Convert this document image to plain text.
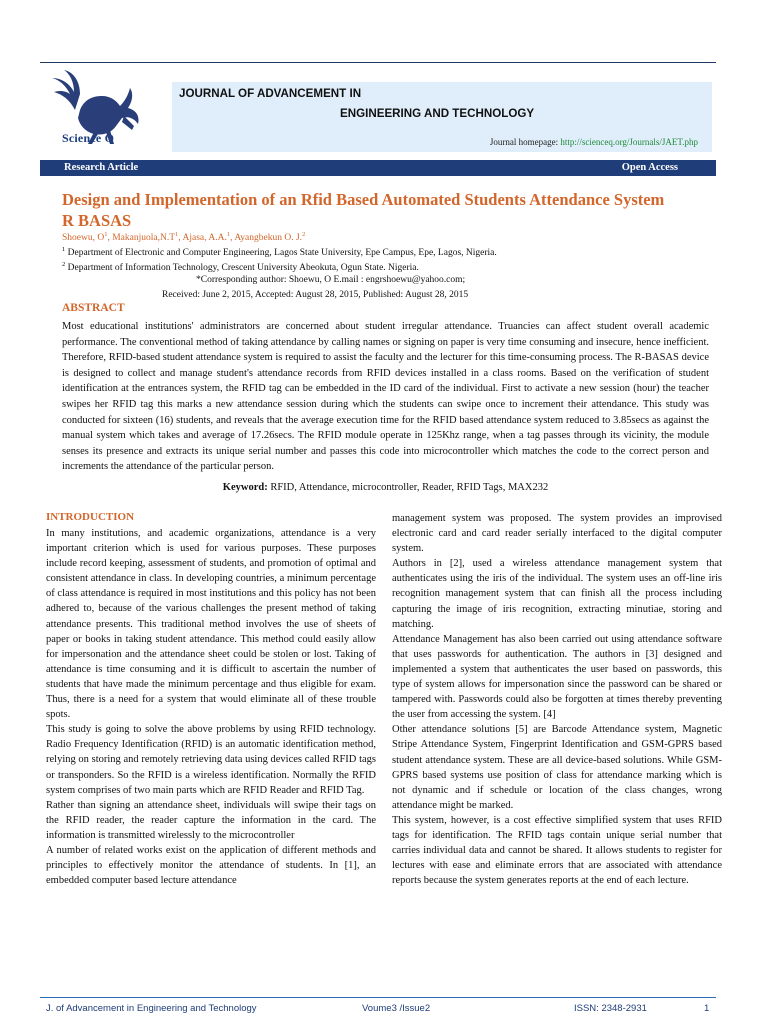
Science Q
JOURNAL OF ADVANCEMENT IN
ENGINEERING AND TECHNOLOGY
Journal homepage: http://scienceq.org/Journals/JAET.php
Research Article	Open Access
Design and Implementation of an Rfid Based Automated Students Attendance System
R BASAS
Shoewu, $O^1$, $Makanjuola,N.T^1$, Ajasa, A.A.$^1$, Ayangbekun O. J.$^2$
$^1$ Department of Electronic and Computer Engineering, Lagos State University, Epe Campus, Epe, Lagos, Nigeria.
$^2$ Department of Information Technology, Crescent University Abeokuta, Ogun State. Nigeria.
*Corresponding author: Shoewu, O E.mail : engrshoewu@yahoo.com;
Received: June 2, 2015, Accepted: August 28, 2015, Published: August 28, 2015
ABSTRACT
Most educational institutions' administrators are concerned about student irregular attendance. Truancies can affect student overall academic performance. The conventional method of taking attendance by calling names or signing on paper is very time consuming and insecure, hence inefficient. Therefore, RFID-based student attendance system is required to assist the faculty and the lecturer for this time-consuming process. The R-BASAS device is designed to collect and manage student's attendance records from RFID devices installed in a class rooms. Based on the verification of student identification at the entrances system, the RFID tag can be embedded in the ID card of the individual. First to activate a new session (hour) the teacher swipes her RFID tag this marks a new attendance session during which the students can swipe once to increment their attendance. This study was conducted for sixteen (16) students, and reveals that the average execution time for the RFID based attendance system reduced to 3.85secs as against the manual system which takes and average of 17.26secs. The RFID module operate in 125Khz range, when a tag passes through its vicinity, the module senses its presence and extracts its unique serial number and passes this code into microcontroller which matches the code to the correct person and increments the attendance of the particular person.
Keyword: RFID, Attendance, microcontroller, Reader, RFID Tags, MAX232
INTRODUCTION

In many institutions, and academic organizations, attendance is a very important criterion which is used for various purposes. These purposes include record keeping, assessment of students, and promotion of optimal and consistent attendance in class. In developing countries, a minimum percentage of class attendance is required in most institutions and this policy has not been adhered to, because of the various challenges the present method of taking attendance presents. This traditional method involves the use of sheets of paper or books in taking student attendance. This method could easily allow for impersonation and the attendance sheet could be stolen or lost. Taking of attendance is time consuming and it is difficult to ascertain the number of students that have made the minimum percentage and thus eligible for exam. Thus, there is a need for a system that would eliminate all of these trouble spots.

This study is going to solve the above problems by using RFID technology. Radio Frequency Identification (RFID) is an automatic identification method, relying on storing and remotely retrieving data using devices called RFID tags or transponders. So the RFID is a wireless identification. Normally the RFID system comprises of two main parts which are RFID Reader and RFID Tag.

Rather than signing an attendance sheet, individuals will swipe their tags on the RFID reader, the reader capture the information in the card. The information is transmitted wirelessly to the microcontroller

A number of related works exist on the application of different methods and principles to effectively monitor the attendance of students. In [1], an embedded computer based lecture attendance

management system was proposed. The system provides an improvised electronic card and card reader serially interfaced to the digital computer system.

Authors in [2], used a wireless attendance management system that authenticates using the iris of the individual. The system uses an off-line iris recognition management system that can finish all the process including capturing the image of iris recognition, extracting minutiae, storing and matching.

Attendance Management has also been carried out using attendance software that uses passwords for authentication. The authors in [3] designed and implemented a system that authenticates the user based on passwords, this type of system allows for impersonation since the password can be shared or tampered with. Passwords could also be forgotten at times thereby preventing the user from accessing the system. [4]

Other attendance solutions [5] are Barcode Attendance system, Magnetic Stripe Attendance System, Fingerprint Identification and GSM-GPRS based student attendance system. These are all device-based solutions. While GSM-GPRS based systems use position of class for attendance marking which is not dynamic and if schedule or location of the class changes, wrong attendance might be marked.

This system, however, is a cost effective simplified system that uses RFID tags for identification. The RFID tags contain unique serial number that carries individual data and cannot be shared. It allows students to register for lectures with ease and eliminate errors that are associated with attendance reports because the system generates reports at the end of each lecture.

J. of Advancement in Engineering and Technology	Voume3 /Issue2	ISSN: 2348-2931	1
